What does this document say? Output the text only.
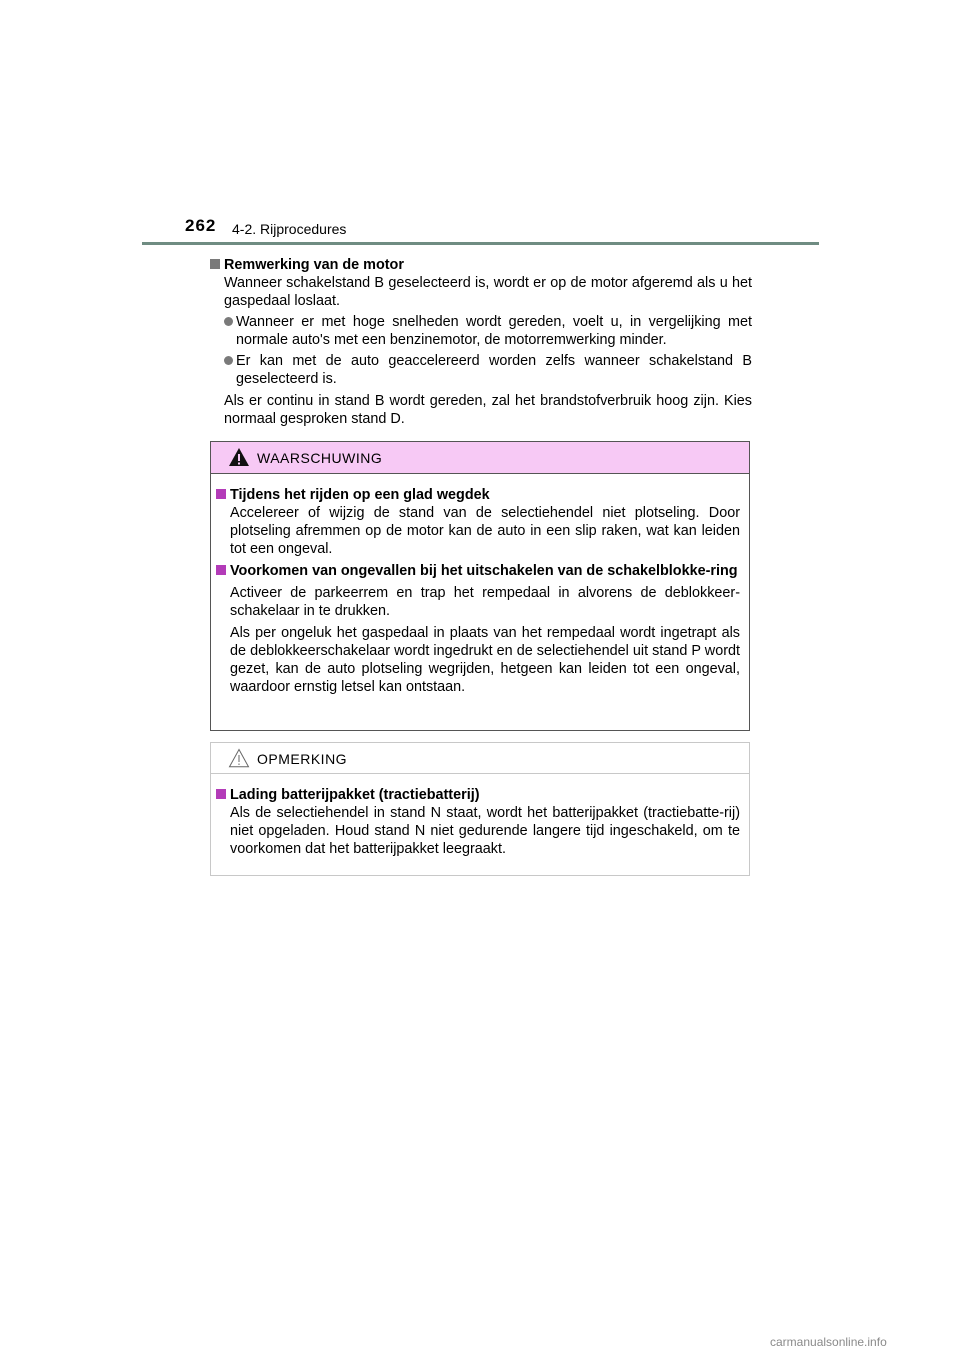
262 4-2. Rijprocedures

Remwerking van de motor

Wanneer schakelstand B geselecteerd is, wordt er op de motor afgeremd als u het gaspedaal loslaat.

Wanneer er met hoge snelheden wordt gereden, voelt u, in vergelijking met normale auto's met een benzinemotor, de motorremwerking minder.

Er kan met de auto geaccelereerd worden zelfs wanneer schakelstand B geselecteerd is.

Als er continu in stand B wordt gereden, zal het brandstofverbruik hoog zijn. Kies normaal gesproken stand D.

WAARSCHUWING

Tijdens het rijden op een glad wegdek

Accelereer of wijzig de stand van de selectiehendel niet plotseling. Door plotseling afremmen op de motor kan de auto in een slip raken, wat kan leiden tot een ongeval.

Voorkomen van ongevallen bij het uitschakelen van de schakelblokke-ring

Activeer de parkeerrem en trap het rempedaal in alvorens de deblokkeer-schakelaar in te drukken.

Als per ongeluk het gaspedaal in plaats van het rempedaal wordt ingetrapt als de deblokkeerschakelaar wordt ingedrukt en de selectiehendel uit stand P wordt gezet, kan de auto plotseling wegrijden, hetgeen kan leiden tot een ongeval, waardoor ernstig letsel kan ontstaan.

OPMERKING

Lading batterijpakket (tractiebatterij)

Als de selectiehendel in stand N staat, wordt het batterijpakket (tractiebatte-rij) niet opgeladen. Houd stand N niet gedurende langere tijd ingeschakeld, om te voorkomen dat het batterijpakket leegraakt.

carmanualsonline.info
